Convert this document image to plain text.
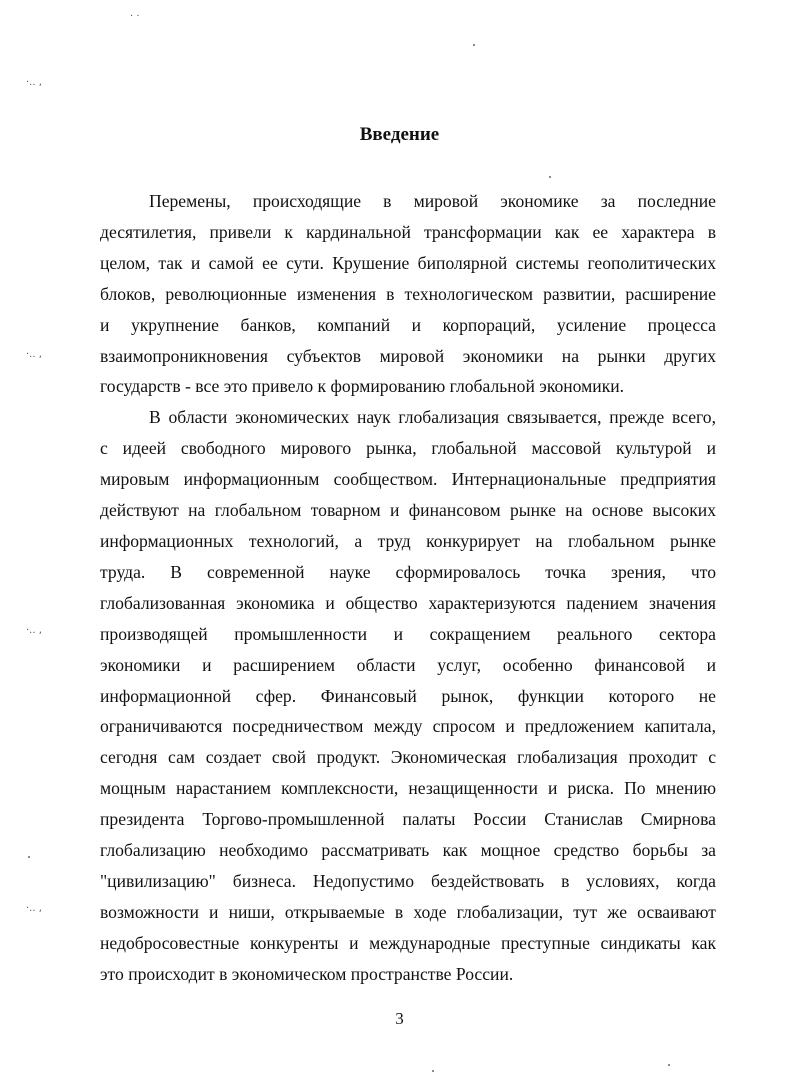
·.. ,
·.. ,
·.. ,
·.. ,
· ·
Введение
Перемены, происходящие в мировой экономике за последние
десятилетия, привели к кардинальной трансформации как ее характера в
целом, так и самой ее сути. Крушение биполярной системы геополитических
блоков, революционные изменения в технологическом развитии, расширение
и укрупнение банков, компаний и корпораций, усиление процесса
взаимопроникновения субъектов мировой экономики на рынки других
государств - все это привело к формированию глобальной экономики.
В области экономических наук глобализация связывается, прежде всего,
с идеей свободного мирового рынка, глобальной массовой культурой и
мировым информационным сообществом. Интернациональные предприятия
действуют на глобальном товарном и финансовом рынке на основе высоких
информационных технологий, а труд конкурирует на глобальном рынке
труда. В современной науке сформировалось точка зрения, что
глобализованная экономика и общество характеризуются падением значения
производящей промышленности и сокращением реального сектора
экономики и расширением области услуг, особенно финансовой и
информационной сфер. Финансовый рынок, функции которого не
ограничиваются посредничеством между спросом и предложением капитала,
сегодня сам создает свой продукт. Экономическая глобализация проходит с
мощным нарастанием комплексности, незащищенности и риска. По мнению
президента Торгово-промышленной палаты России Станислав Смирнова
глобализацию необходимо рассматривать как мощное средство борьбы за
"цивилизацию" бизнеса. Недопустимо бездействовать в условиях, когда
возможности и ниши, открываемые в ходе глобализации, тут же осваивают
недобросовестные конкуренты и международные преступные синдикаты как
это происходит в экономическом пространстве России.
3
